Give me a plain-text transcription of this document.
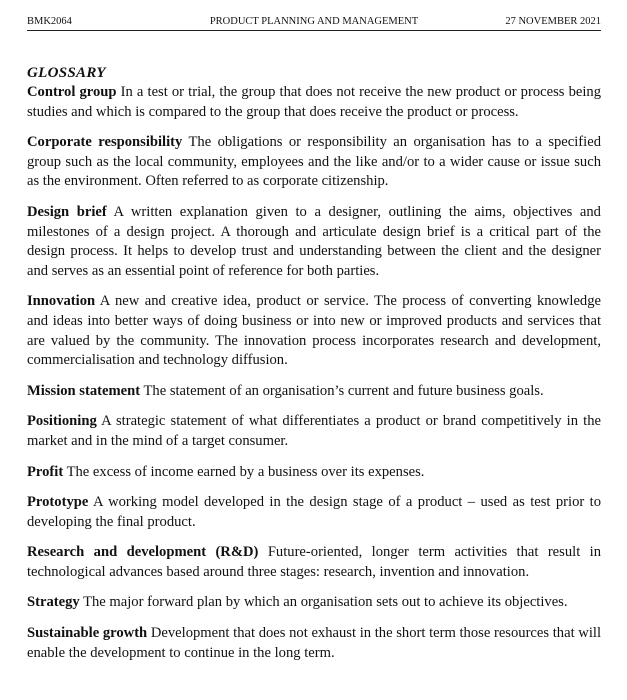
BMK2064	PRODUCT PLANNING AND MANAGEMENT	27 NOVEMBER 2021

GLOSSARY

Control group In a test or trial, the group that does not receive the new product or process being studies and which is compared to the group that does receive the product or process.

Corporate responsibility The obligations or responsibility an organisation has to a specified group such as the local community, employees and the like and/or to a wider cause or issue such as the environment. Often referred to as corporate citizenship.

Design brief A written explanation given to a designer, outlining the aims, objectives and milestones of a design project. A thorough and articulate design brief is a critical part of the design process. It helps to develop trust and understanding between the client and the designer and serves as an essential point of reference for both parties.

Innovation A new and creative idea, product or service. The process of converting knowledge and ideas into better ways of doing business or into new or improved products and services that are valued by the community. The innovation process incorporates research and development, commercialisation and technology diffusion.

Mission statement The statement of an organisation’s current and future business goals.

Positioning A strategic statement of what differentiates a product or brand competitively in the market and in the mind of a target consumer.

Profit The excess of income earned by a business over its expenses.

Prototype A working model developed in the design stage of a product – used as test prior to developing the final product.

Research and development (R&D) Future-oriented, longer term activities that result in technological advances based around three stages: research, invention and innovation.

Strategy The major forward plan by which an organisation sets out to achieve its objectives.

Sustainable growth Development that does not exhaust in the short term those resources that will enable the development to continue in the long term.
